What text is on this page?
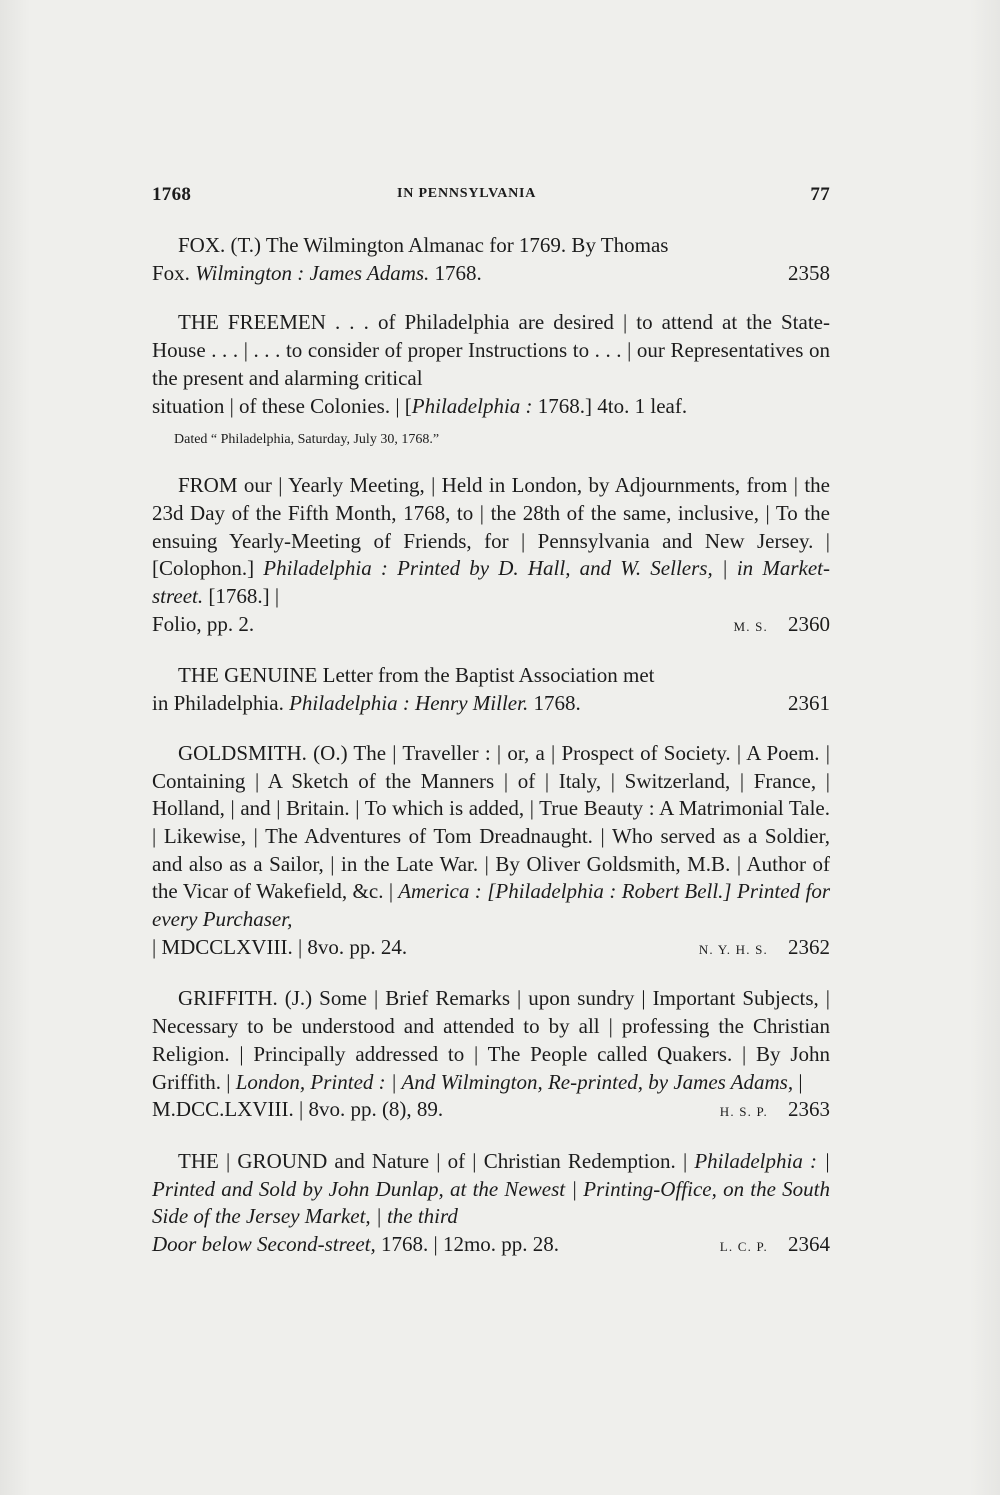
1768	IN PENNSYLVANIA	77

FOX. (T.) The Wilmington Almanac for 1769. By Thomas

Fox. Wilmington : James Adams. 1768.	2358

THE FREEMEN . . . of Philadelphia are desired | to attend at the State-House . . . | . . . to consider of proper Instructions to . . . | our Representatives on the present and alarming critical

situation | of these Colonies. | [Philadelphia : 1768.] 4to. 1 leaf.
Dated “ Philadelphia, Saturday, July 30, 1768.”

FROM our | Yearly Meeting, | Held in London, by Adjournments, from | the 23d Day of the Fifth Month, 1768, to | the 28th of the same, inclusive, | To the ensuing Yearly-Meeting of Friends, for | Pennsylvania and New Jersey. | [Colophon.] Philadelphia : Printed by D. Hall, and W. Sellers, | in Market-street. [1768.] |

Folio, pp. 2.	M. S. 2360

THE GENUINE Letter from the Baptist Association met

in Philadelphia. Philadelphia : Henry Miller. 1768.	2361

GOLDSMITH. (O.) The | Traveller : | or, a | Prospect of Society. | A Poem. | Containing | A Sketch of the Manners | of | Italy, | Switzerland, | France, | Holland, | and | Britain. | To which is added, | True Beauty : A Matrimonial Tale. | Likewise, | The Adventures of Tom Dreadnaught. | Who served as a Soldier, and also as a Sailor, | in the Late War. | By Oliver Goldsmith, M.B. | Author of the Vicar of Wakefield, &c. | America : [Philadelphia : Robert Bell.] Printed for every Purchaser,

| MDCCLXVIII. | 8vo. pp. 24.	N. Y. H. S. 2362

GRIFFITH. (J.) Some | Brief Remarks | upon sundry | Important Subjects, | Necessary to be understood and attended to by all | professing the Christian Religion. | Principally addressed to | The People called Quakers. | By John Griffith. | London, Printed : | And Wilmington, Re-printed, by James Adams, |

M.DCC.LXVIII. | 8vo. pp. (8), 89.	H. S. P. 2363

THE | GROUND and Nature | of | Christian Redemption. | Philadelphia : | Printed and Sold by John Dunlap, at the Newest | Printing-Office, on the South Side of the Jersey Market, | the third

Door below Second-street, 1768. | 12mo. pp. 28.	L. C. P. 2364
